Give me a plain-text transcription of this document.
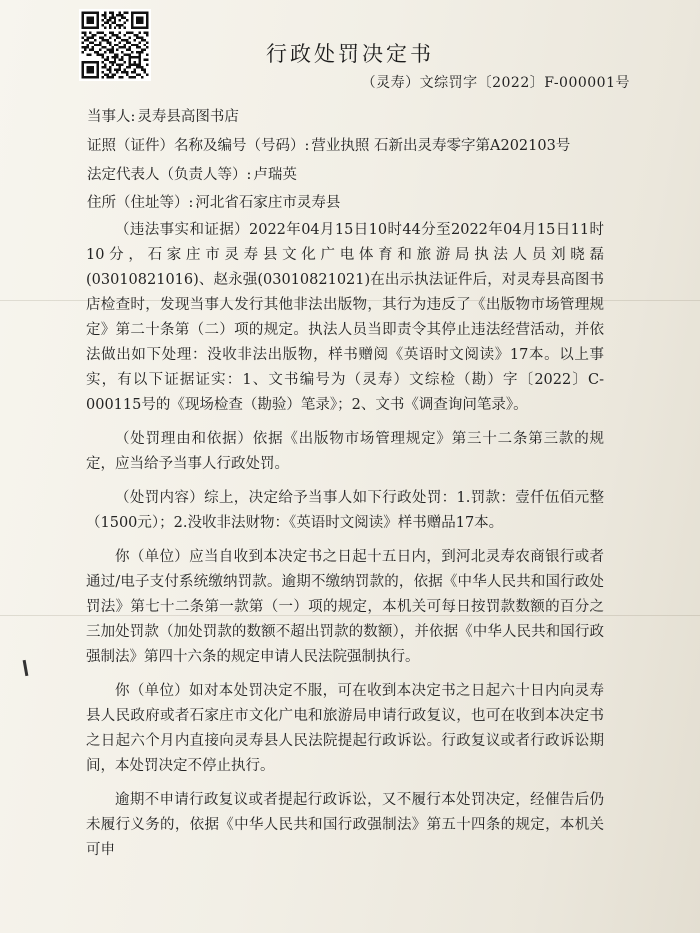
行政处罚决定书
（灵寿）文综罚字〔2022〕F-000001号
当事人: 灵寿县高图书店
证照（证件）名称及编号（号码）: 营业执照 石新出灵寿零字第A202103号
法定代表人（负责人等）: 卢瑞英
住所（住址等）: 河北省石家庄市灵寿县

（违法事实和证据）2022年04月15日10时44分至2022年04月15日11时10分，石家庄市灵寿县文化广电体育和旅游局执法人员刘晓磊(03010821016)、赵永强(03010821021)在出示执法证件后，对灵寿县高图书店检查时，发现当事人发行其他非法出版物，其行为违反了《出版物市场管理规定》第二十条第（二）项的规定。执法人员当即责令其停止违法经营活动，并依法做出如下处理：没收非法出版物，样书赠阅《英语时文阅读》17本。以上事实，有以下证据证实：1、文书编号为（灵寿）文综检（勘）字〔2022〕C-000115号的《现场检查（勘验）笔录》；2、文书《调查询问笔录》。

（处罚理由和依据）依据《出版物市场管理规定》第三十二条第三款的规定，应当给予当事人行政处罚。

（处罚内容）综上，决定给予当事人如下行政处罚：1.罚款：壹仟伍佰元整（1500元）；2.没收非法财物：《英语时文阅读》样书赠品17本。

你（单位）应当自收到本决定书之日起十五日内，到河北灵寿农商银行或者通过/电子支付系统缴纳罚款。逾期不缴纳罚款的，依据《中华人民共和国行政处罚法》第七十二条第一款第（一）项的规定，本机关可每日按罚款数额的百分之三加处罚款（加处罚款的数额不超出罚款的数额），并依据《中华人民共和国行政强制法》第四十六条的规定申请人民法院强制执行。

你（单位）如对本处罚决定不服，可在收到本决定书之日起六十日内向灵寿县人民政府或者石家庄市文化广电和旅游局申请行政复议，也可在收到本决定书之日起六个月内直接向灵寿县人民法院提起行政诉讼。行政复议或者行政诉讼期间，本处罚决定不停止执行。

逾期不申请行政复议或者提起行政诉讼，又不履行本处罚决定，经催告后仍未履行义务的，依据《中华人民共和国行政强制法》第五十四条的规定，本机关可申
